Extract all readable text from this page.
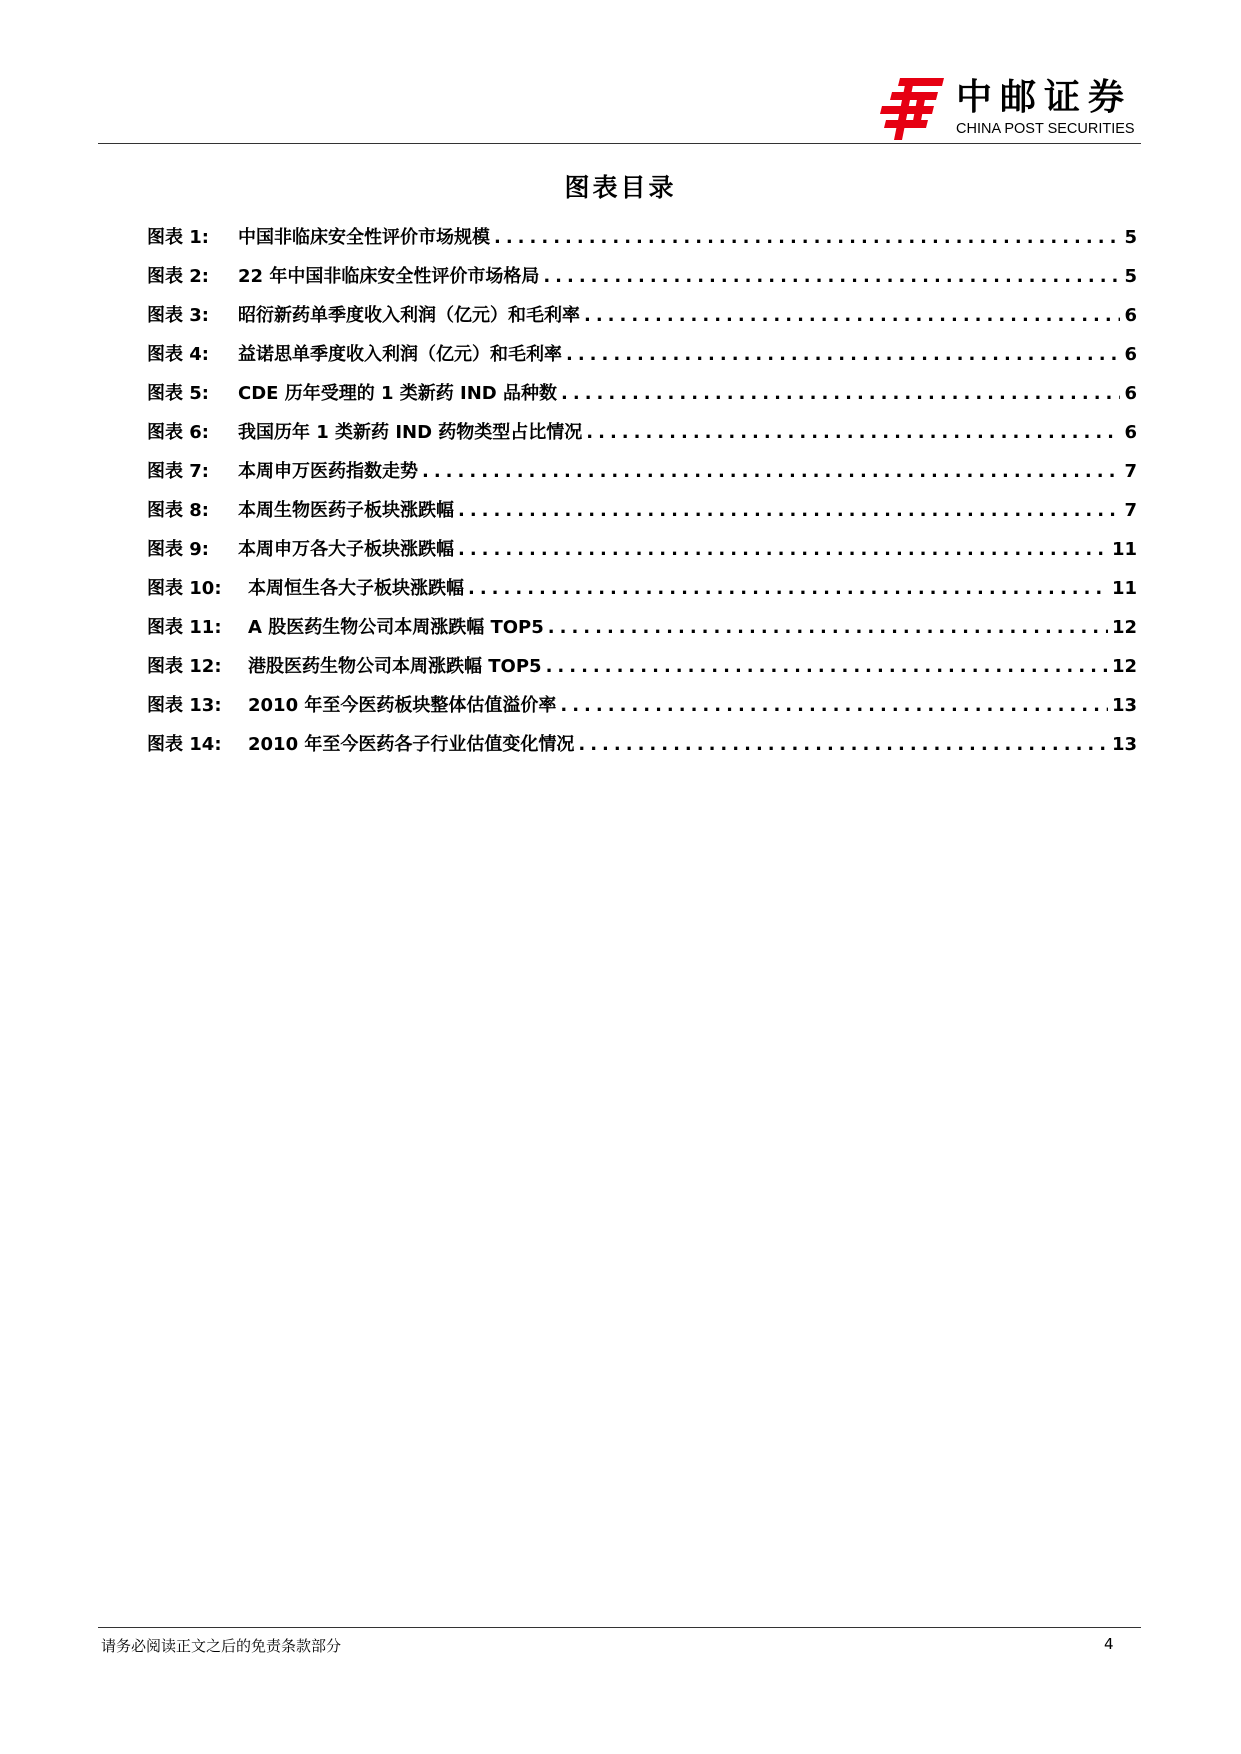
中邮证券
CHINA POST SECURITIES
图表目录
图表 1:	中国非临床安全性评价市场规模 .....	5
图表 2:	22 年中国非临床安全性评价市场格局 .....	5
图表 3:	昭衍新药单季度收入利润（亿元）和毛利率 .....	6
图表 4:	益诺思单季度收入利润（亿元）和毛利率 .....	6
图表 5:	CDE 历年受理的 1 类新药 IND 品种数 .....	6
图表 6:	我国历年 1 类新药 IND 药物类型占比情况 .....	6
图表 7:	本周申万医药指数走势 .....	7
图表 8:	本周生物医药子板块涨跌幅 .....	7
图表 9:	本周申万各大子板块涨跌幅 .....	11
图表 10:	本周恒生各大子板块涨跌幅 .....	11
图表 11:	A 股医药生物公司本周涨跌幅 TOP5 .....	12
图表 12:	港股医药生物公司本周涨跌幅 TOP5 .....	12
图表 13:	2010 年至今医药板块整体估值溢价率 .....	13
图表 14:	2010 年至今医药各子行业估值变化情况 .....	13
请务必阅读正文之后的免责条款部分	4
